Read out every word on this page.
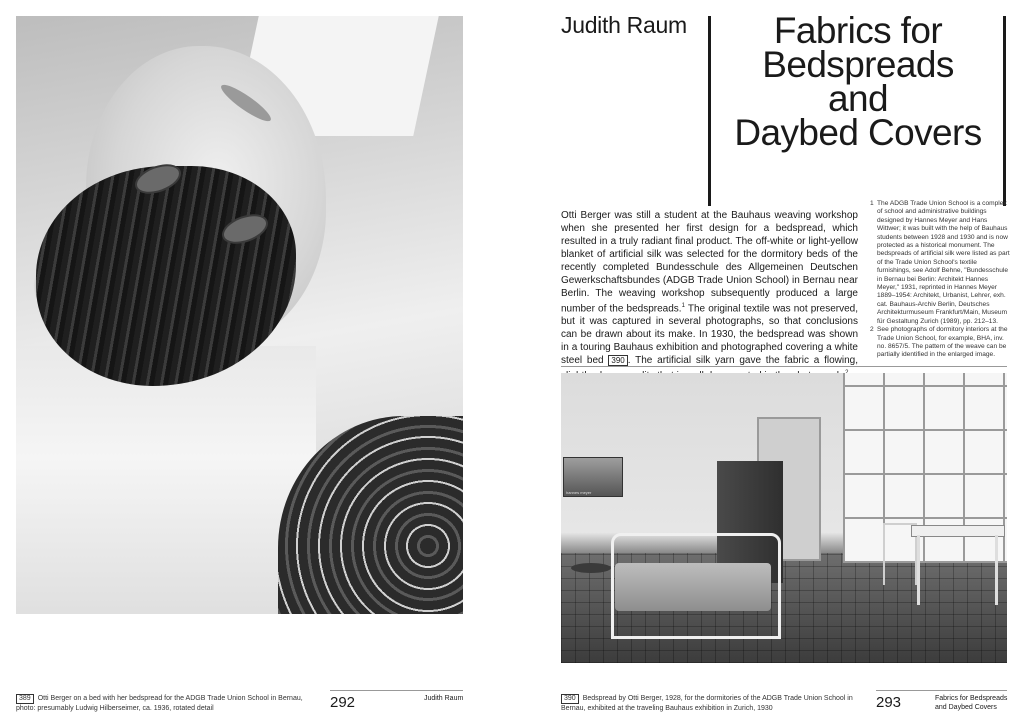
389 Otti Berger on a bed with her bedspread for the ADGB Trade Union School in Bernau, photo: presumably Ludwig Hilberseimer, ca. 1936, rotated detail	292	Judith Raum
Judith Raum	Fabrics for
Bedspreads
and
Daybed Covers
Otti Berger was still a student at the Bauhaus weaving workshop when she presented her first design for a bedspread, which resulted in a truly radiant final product. The off-white or light-yellow blanket of artificial silk was selected for the dormitory beds of the recently completed Bundesschule des Allgemeinen Deutschen Gewerkschaftsbundes (ADGB Trade Union School) in Bernau near Berlin. The weaving workshop subsequently produced a large number of the bedspreads.$^1$ The original textile was not preserved, but it was captured in several photographs, so that conclusions can be drawn about its make. In 1930, the bedspread was shown in a touring Bauhaus exhibition and photographed covering a white steel bed 390 . The artificial silk yarn gave the fabric a flowing,
1 The ADGB Trade Union School is a complex of school and administrative buildings designed by Hannes Meyer and Hans Wittwer; it was built with the help of Bauhaus students between 1928 and 1930 and is now protected as a historical monument. The bedspreads of artificial silk were listed as part of the Trade Union School's textile furnishings, see Adolf Behne, "Bundesschule in Bernau bei Berlin: Architekt Hannes Meyer," 1931, reprinted in Hannes Meyer 1889–1954: Architekt, Urbanist, Lehrer, exh. cat. Bauhaus-Archiv Berlin, Deutsches Architekturmuseum Frankfurt/Main, Museum für Gestaltung Zurich (1989), pp. 212–13.
2 See photographs of dormitory interiors at the Trade Union School, for example, BHA, inv. no. 8657/5. The pattern of the weave can be partially identified in the enlarged image.
hannes meyer
390 Bedspread by Otti Berger, 1928, for the dormitories of the ADGB Trade Union School in Bernau, exhibited at the traveling Bauhaus exhibition in Zurich, 1930	293	Fabrics for Bedspreads and Daybed Covers
